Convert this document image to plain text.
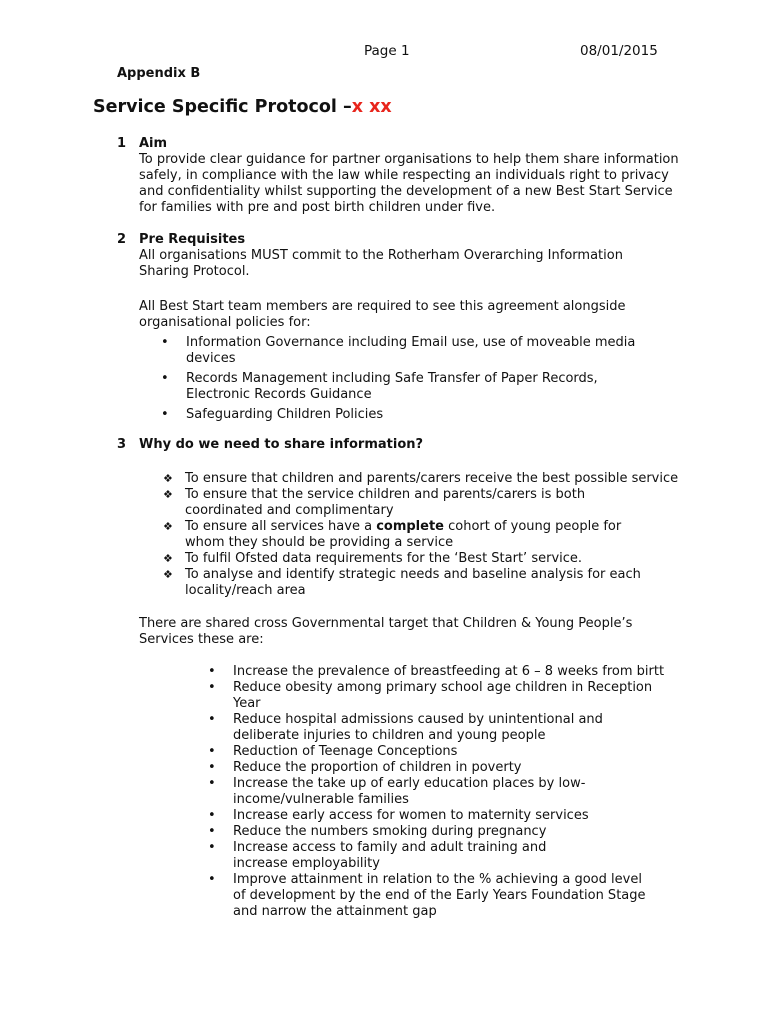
Page 1	08/01/2015
Appendix B
Service Specific Protocol –x xx
1 Aim
To provide clear guidance for partner organisations to help them share information safely, in compliance with the law while respecting an individuals right to privacy and confidentiality whilst supporting the development of a new Best Start Service for families with pre and post birth children under five.
2 Pre Requisites
All organisations MUST commit to the Rotherham Overarching Information Sharing Protocol.
All Best Start team members are required to see this agreement alongside organisational policies for:
• Information Governance including Email use, use of moveable media devices
• Records Management including Safe Transfer of Paper Records, Electronic Records Guidance
• Safeguarding Children Policies
3 Why do we need to share information?
❖ To ensure that children and parents/carers receive the best possible service
❖ To ensure that the service children and parents/carers is both coordinated and complimentary
❖ To ensure all services have a complete cohort of young people for whom they should be providing a service
❖ To fulfil Ofsted data requirements for the ‘Best Start’ service.
❖ To analyse and identify strategic needs and baseline analysis for each locality/reach area
There are shared cross Governmental target that Children & Young People’s Services these are:
• Increase the prevalence of breastfeeding at 6 – 8 weeks from birtt
• Reduce obesity among primary school age children in Reception Year
• Reduce hospital admissions caused by unintentional and deliberate injuries to children and young people
• Reduction of Teenage Conceptions
• Reduce the proportion of children in poverty
• Increase the take up of early education places by low-income/vulnerable families
• Increase early access for women to maternity services
• Reduce the numbers smoking during pregnancy
• Increase access to family and adult training and increase employability
• Improve attainment in relation to the % achieving a good level of development by the end of the Early Years Foundation Stage and narrow the attainment gap
